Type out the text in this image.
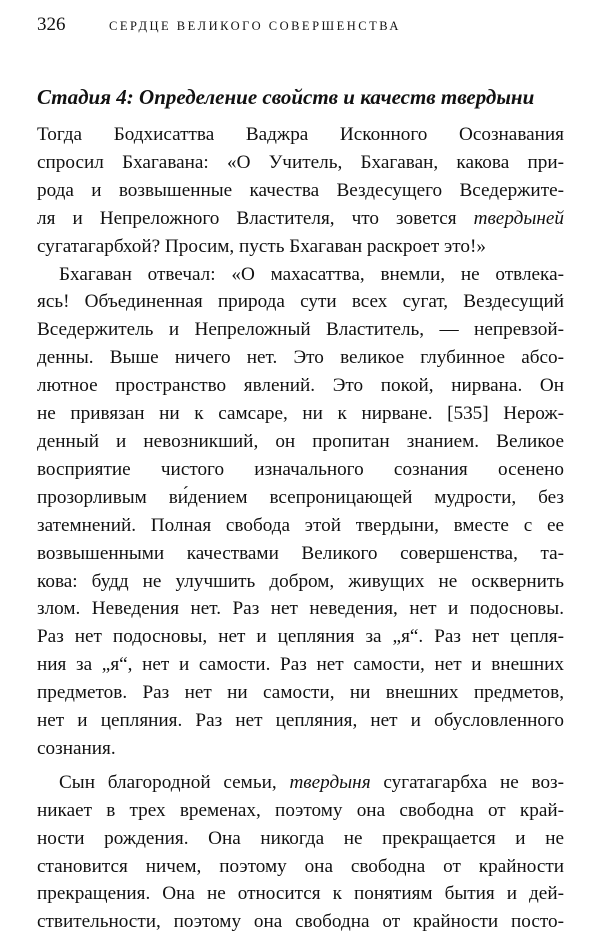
326	СЕРДЦЕ ВЕЛИКОГО СОВЕРШЕНСТВА
Стадия 4: Определение свойств и качеств твердыни

Тогда Бодхисаттва Ваджра Исконного Осознавания
спросил Бхагавана: «О Учитель, Бхагаван, какова при-
рода и возвышенные качества Вездесущего Вседержите-
ля и Непреложного Властителя, что зовется твердыней
сугатагарбхой? Просим, пусть Бхагаван раскроет это!»

Бхагаван отвечал: «О махасаттва, внемли, не отвлека-
ясь! Объединенная природа сути всех сугат, Вездесущий
Вседержитель и Непреложный Властитель, — непревзой-
денны. Выше ничего нет. Это великое глубинное абсо-
лютное пространство явлений. Это покой, нирвана. Он
не привязан ни к самсаре, ни к нирване. [535] Нерож-
денный и невозникший, он пропитан знанием. Великое
восприятие чистого изначального сознания осенено
прозорливым ви́дением всепроницающей мудрости, без
затемнений. Полная свобода этой твердыни, вместе с ее
возвышенными качествами Великого совершенства, та-
кова: будд не улучшить добром, живущих не осквернить
злом. Неведения нет. Раз нет неведения, нет и подосновы.
Раз нет подосновы, нет и цепляния за „я“. Раз нет цепля-
ния за „я“, нет и самости. Раз нет самости, нет и внешних
предметов. Раз нет ни самости, ни внешних предметов,
нет и цепляния. Раз нет цепляния, нет и обусловленного
сознания.

Сын благородной семьи, твердыня сугатагарбха не воз-
никает в трех временах, поэтому она свободна от край-
ности рождения. Она никогда не прекращается и не
становится ничем, поэтому она свободна от крайности
прекращения. Она не относится к понятиям бытия и дей-
ствительности, поэтому она свободна от крайности посто-
